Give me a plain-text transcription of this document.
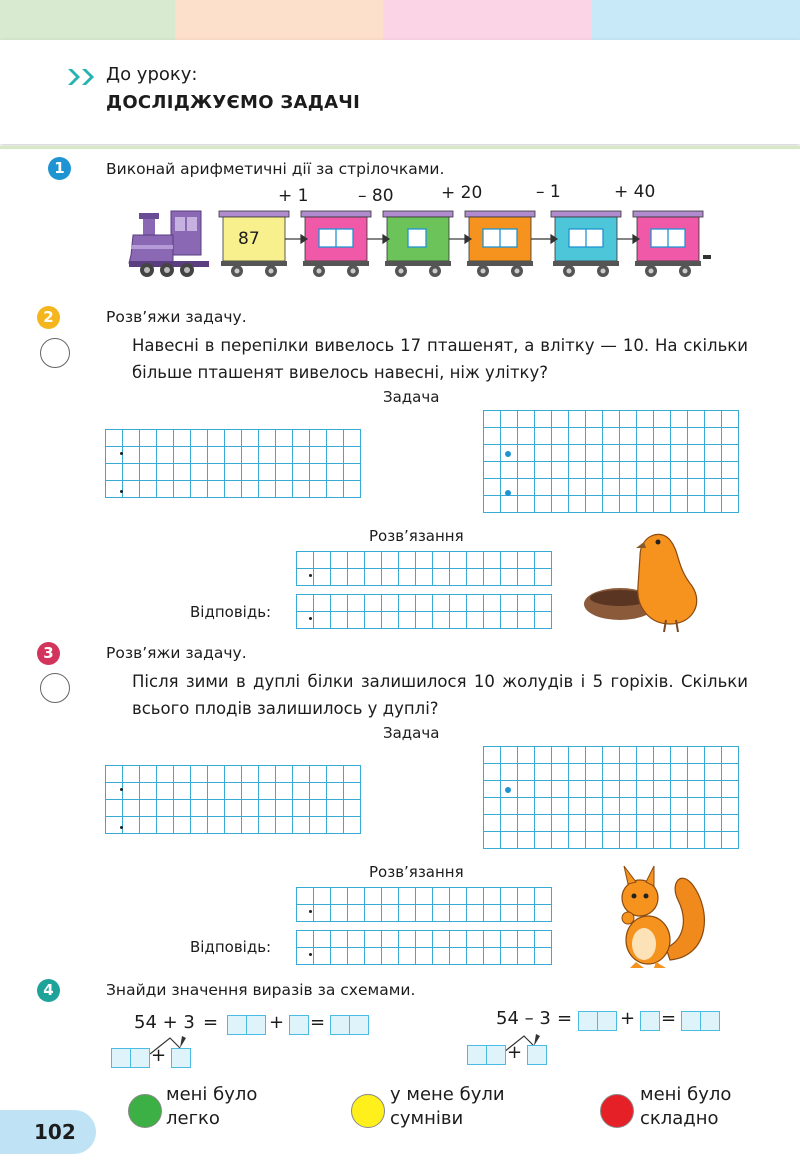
До уроку:
ДОСЛІДЖУЄМО ЗАДАЧІ
1	Виконай арифметичні дії за стрілочками.
+ 1	– 80	+ 20	– 1	+ 40
87
2	Розв’яжи задачу.
Навесні в перепілки вивелось 17 пташенят, а влітку — 10. На скільки більше пташенят вивелось навесні, ніж улітку?
Задача
Розв’язання
Відповідь:
3	Розв’яжи задачу.
Після зими в дуплі білки залишилося 10 жолудів і 5 горіхів. Скільки всього плодів залишилось у дуплі?
Задача
Розв’язання
Відповідь:
4	Знайди значення виразів за схемами.
54 + 3 =	+ =
+
54 – 3 =	+ =
+
102
мені було
легко
у мене були
сумніви
мені було
складно
